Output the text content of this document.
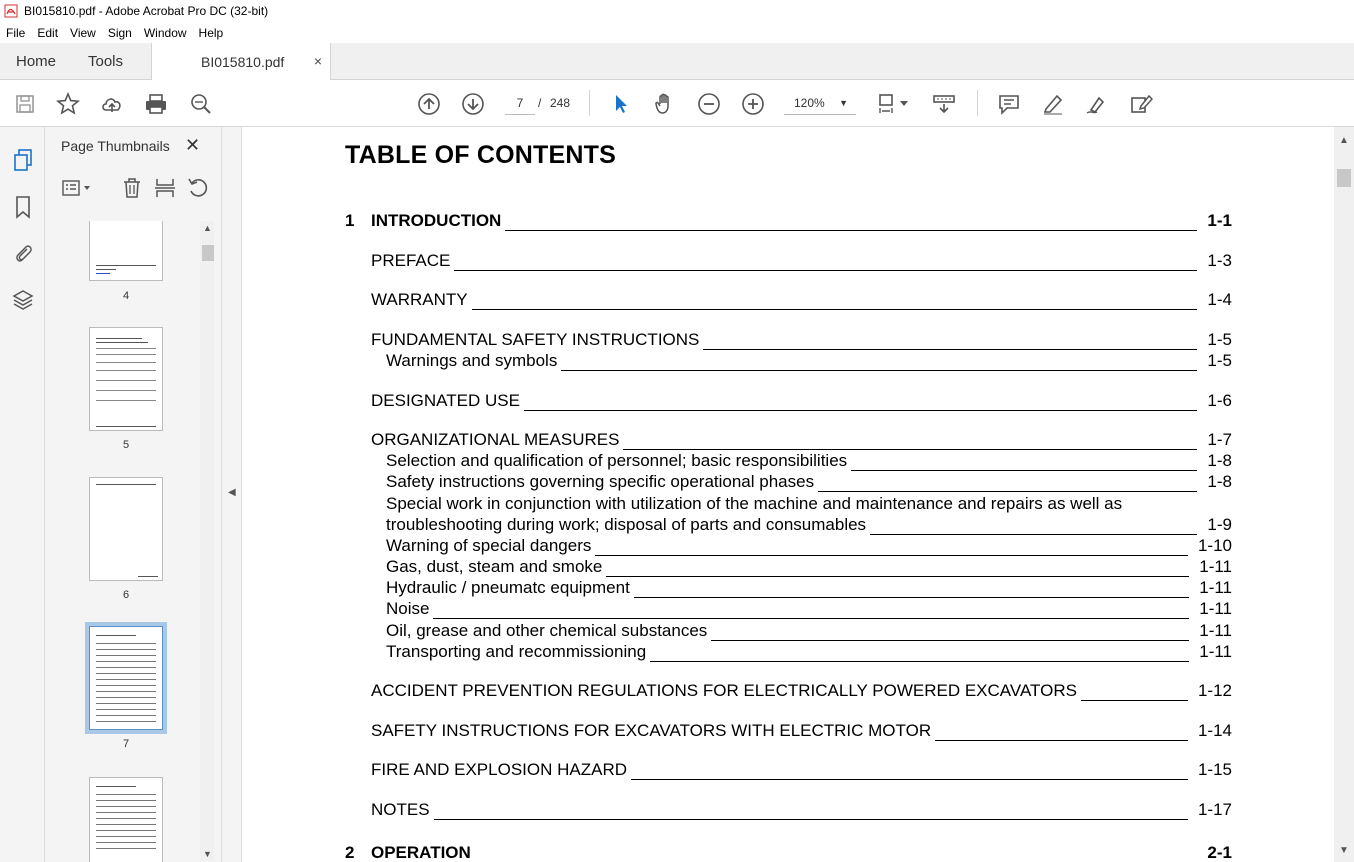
BI015810.pdf - Adobe Acrobat Pro DC (32-bit)
File	Edit	View	Sign	Window	Help
Home Tools	BI015810.pdf ×
7	/ 248	120% ▼
Page Thumbnails ✕
4
5
6
7
▲
▼
◀
TABLE OF CONTENTS
1 INTRODUCTION	1-1
PREFACE	1-3
WARRANTY	1-4
FUNDAMENTAL SAFETY INSTRUCTIONS	1-5
Warnings and symbols	1-5
DESIGNATED USE	1-6
ORGANIZATIONAL MEASURES	1-7
Selection and qualification of personnel; basic responsibilities	1-8
Safety instructions governing specific operational phases	1-8
Special work in conjunction with utilization of the machine and maintenance and repairs as well as
troubleshooting during work; disposal of parts and consumables	1-9
Warning of special dangers	1-10
Gas, dust, steam and smoke	1-11
Hydraulic / pneumatc equipment	1-11
Noise	1-11
Oil, grease and other chemical substances	1-11
Transporting and recommissioning	1-11
ACCIDENT PREVENTION REGULATIONS FOR ELECTRICALLY POWERED EXCAVATORS	1-12
SAFETY INSTRUCTIONS FOR EXCAVATORS WITH ELECTRIC MOTOR	1-14
FIRE AND EXPLOSION HAZARD	1-15
NOTES	1-17
2 OPERATION	2-1
▲
▼
